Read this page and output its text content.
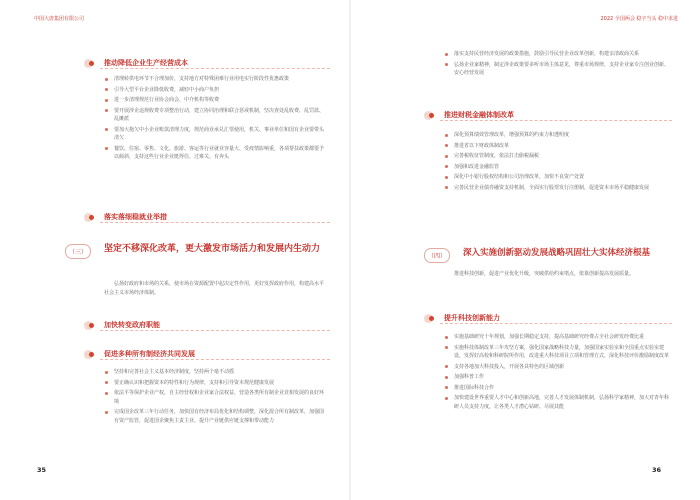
中国大唐集团有限公司
推动降低企业生产经营成本
清理转供电环节不合理加价，支持地方对特殊困难行业用电实行阶段性优惠政策
引导大型平台企业降低收费，减轻中小商户负担
进一步清理规范行业协会商会、中介机构等收费
要开展涉企违规收费专项整治行动，建立协同治理和联合惩戒机制，坚决查处乱收费、乱罚款、乱摊派
要加大拖欠中小企业账款清理力度，规范商业承兑汇票使用，机关、事业单位和国有企业要带头清欠
餐饮、住宿、零售、文化、旅游、客运等行业就业容量大、受疫情影响重，各项帮扶政策都要予以倾斜，支持这些行业企业挺得住、过难关、有奔头
落实落细稳就业举措
（三）	坚定不移深化改革，更大激发市场活力和发展内生动力
弘扬好政府和市场的关系，使市场在资源配置中起决定性作用，更好发挥政府作用，构建高水平社会主义市场经济体制。
加快转变政府职能
促进多种所有制经济共同发展
坚持和完善社会主义基本经济制度，坚持两个毫不动摇
要正确认识和把握资本的特性和行为规律，支持和引导资本规范健康发展
依法平等保护企业产权，自主经营权和企业家合法权益，营造各类所有制企业竞相发展的良好环境
完成国企改革三年行动任务，加快国有经济布局优化和结构调整，深化混合所有制改革，加强国有资产监管，促进国企聚焦主责主业、提升产业链供应链支撑和带动能力
35
2022 全国两会 稳字当头 稳中求进
落实支持民营经济发展的政策措施，鼓励引导民营企业改革创新，构建亲清政商关系
弘扬企业家精神，制定涉企政策要多听市场主体意见，尊重市场规律，支持企业家专注创业创新、安心经营发展
推进财税金融体制改革
深化预算绩效管理改革，增强预算的约束力和透明度
推进省以下财政体制改革
完善税收征管制度，依法打击偷税漏税
加强和改进金融监管
深化中小银行股权结构和公司治理改革，加快不良资产处置
完善民营企业债券融资支持机制，全面实行股票发行注册制，促进资本市场平稳健康发展
（四）	深入实施创新驱动发展战略巩固壮大实体经济根基
推进科技创新，促进产业优化升级，突破供给约束堵点，依靠创新提高发展质量。
提升科技创新能力
实施基础研究十年规划，加强长期稳定支持，提高基础研究经费占全社会研发经费比重
实施科技体制改革三年攻坚方案，强化国家战略科技力量，加强国家实验室和全国重点实验室建设，发挥好高校和科研院所作用，改进重大科技项目立项和管理方式，深化科技评价激励制度改革
支持各地加大科技投入，开展各具特色的区域创新
加强科普工作
推进国际科技合作
加快建设世界重要人才中心和创新高地，完善人才发展体制机制，弘扬科学家精神，加大对青年科研人员支持力度，让各类人才潜心钻研、尽展其能
36
